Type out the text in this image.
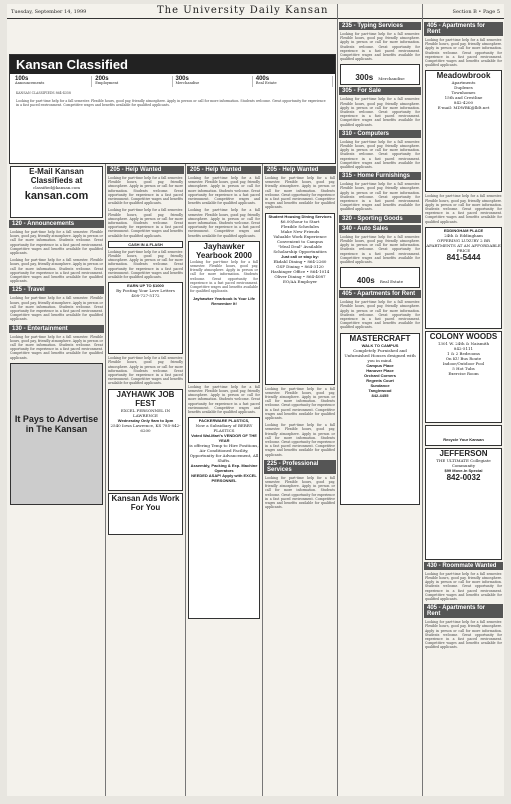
Tuesday, September 14, 1999	The University Daily Kansan	Section B • Page 5
Kansan Classified
100s
Announcements
200s
Employment
300s
Merchandise
400s
Real Estate
KANSAN CLASSIFIEDS 864-4358
Looking for part-time help for a fall semester. Flexible hours, good pay, friendly atmosphere. Apply in person or call for more information. Students welcome. Great opportunity for experience in a fast paced environment. Competitive wages and benefits available for qualified applicants.
E-Mail Kansan Classifieds at
classified@kansan.com
kansan.com
120 - Announcements
Looking for part-time help for a fall semester. Flexible hours, good pay, friendly atmosphere. Apply in person or call for more information. Students welcome. Great opportunity for experience in a fast paced environment. Competitive wages and benefits available for qualified applicants.
Looking for part-time help for a fall semester. Flexible hours, good pay, friendly atmosphere. Apply in person or call for more information. Students welcome. Great opportunity for experience in a fast paced environment. Competitive wages and benefits available for qualified applicants.
125 - Travel
Looking for part-time help for a fall semester. Flexible hours, good pay, friendly atmosphere. Apply in person or call for more information. Students welcome. Great opportunity for experience in a fast paced environment. Competitive wages and benefits available for qualified applicants.
130 - Entertainment
Looking for part-time help for a fall semester. Flexible hours, good pay, friendly atmosphere. Apply in person or call for more information. Students welcome. Great opportunity for experience in a fast paced environment. Competitive wages and benefits available for qualified applicants.
It Pays to Advertise in The Kansan
205 - Help Wanted
Looking for part-time help for a fall semester. Flexible hours, good pay, friendly atmosphere. Apply in person or call for more information. Students welcome. Great opportunity for experience in a fast paced environment. Competitive wages and benefits available for qualified applicants.
Looking for part-time help for a fall semester. Flexible hours, good pay, friendly atmosphere. Apply in person or call for more information. Students welcome. Great opportunity for experience in a fast paced environment. Competitive wages and benefits available for qualified applicants.
CASH IN A FLASH
Looking for part-time help for a fall semester. Flexible hours, good pay, friendly atmosphere. Apply in person or call for more information. Students welcome. Great opportunity for experience in a fast paced environment. Competitive wages and benefits available for qualified applicants.
EARN UP TO $1000
By Posting Your Love Letters
408-727-5172
Looking for part-time help for a fall semester. Flexible hours, good pay, friendly atmosphere. Apply in person or call for more information. Students welcome. Great opportunity for experience in a fast paced environment. Competitive wages and benefits available for qualified applicants.
JAYHAWK JOB FEST
EXCEL PERSONNEL IN LAWRENCE
Wednesday Only 9am to 3pm
2540 Iowa Lawrence, KS 785-842-6200
Kansan Ads Work For You
205 - Help Wanted
Looking for part-time help for a fall semester. Flexible hours, good pay, friendly atmosphere. Apply in person or call for more information. Students welcome. Great opportunity for experience in a fast paced environment. Competitive wages and benefits available for qualified applicants.
Looking for part-time help for a fall semester. Flexible hours, good pay, friendly atmosphere. Apply in person or call for more information. Students welcome. Great opportunity for experience in a fast paced environment. Competitive wages and benefits available for qualified applicants.
Jayhawker Yearbook 2000
Looking for part-time help for a fall semester. Flexible hours, good pay, friendly atmosphere. Apply in person or call for more information. Students welcome. Great opportunity for experience in a fast paced environment. Competitive wages and benefits available for qualified applicants.
Jayhawker Yearbook Is Your Life Remember It!
Looking for part-time help for a fall semester. Flexible hours, good pay, friendly atmosphere. Apply in person or call for more information. Students welcome. Great opportunity for experience in a fast paced environment. Competitive wages and benefits available for qualified applicants.
PACKERWARE PLASTICS,
Now a Subsidiary of BERRY PLASTICS
Voted Wal-Mart's VENDOR OF THE YEAR
is offering Temp to Hire Positions, Air Conditioned Facility, Opportunity for Advancement, All Shifts.
Assembly, Packing & Exp. Machine Operators
NEEDED ASAP! Apply with EXCEL PERSONNEL
205 - Help Wanted
Looking for part-time help for a fall semester. Flexible hours, good pay, friendly atmosphere. Apply in person or call for more information. Students welcome. Great opportunity for experience in a fast paced environment. Competitive wages and benefits available for qualified applicants.
Student Housing Dining Services
$6.00/hour to Start
Flexible Schedules
Make New Friends
Valuable Work Experience
Convenient to Campus
"Meal Deal" Available
Scholarship Opportunities
Just call or stop by:
Ekdahl Dining • 864-2260
GSP Dining • 864-3120
Hashinger Office • 864-1014
Oliver Dining • 864-4087
EO/AA Employer
Looking for part-time help for a fall semester. Flexible hours, good pay, friendly atmosphere. Apply in person or call for more information. Students welcome. Great opportunity for experience in a fast paced environment. Competitive wages and benefits available for qualified applicants.
Looking for part-time help for a fall semester. Flexible hours, good pay, friendly atmosphere. Apply in person or call for more information. Students welcome. Great opportunity for experience in a fast paced environment. Competitive wages and benefits available for qualified applicants.
225 - Professional Services
Looking for part-time help for a fall semester. Flexible hours, good pay, friendly atmosphere. Apply in person or call for more information. Students welcome. Great opportunity for experience in a fast paced environment. Competitive wages and benefits available for qualified applicants.
235 - Typing Services
Looking for part-time help for a fall semester. Flexible hours, good pay, friendly atmosphere. Apply in person or call for more information. Students welcome. Great opportunity for experience in a fast paced environment. Competitive wages and benefits available for qualified applicants.
300s Merchandise
305 - For Sale
Looking for part-time help for a fall semester. Flexible hours, good pay, friendly atmosphere. Apply in person or call for more information. Students welcome. Great opportunity for experience in a fast paced environment. Competitive wages and benefits available for qualified applicants.
310 - Computers
Looking for part-time help for a fall semester. Flexible hours, good pay, friendly atmosphere. Apply in person or call for more information. Students welcome. Great opportunity for experience in a fast paced environment. Competitive wages and benefits available for qualified applicants.
315 - Home Furnishings
Looking for part-time help for a fall semester. Flexible hours, good pay, friendly atmosphere. Apply in person or call for more information. Students welcome. Great opportunity for experience in a fast paced environment. Competitive wages and benefits available for qualified applicants.
320 - Sporting Goods
340 - Auto Sales
Looking for part-time help for a fall semester. Flexible hours, good pay, friendly atmosphere. Apply in person or call for more information. Students welcome. Great opportunity for experience in a fast paced environment. Competitive wages and benefits available for qualified applicants.
400s Real Estate
405 - Apartments for Rent
Looking for part-time help for a fall semester. Flexible hours, good pay, friendly atmosphere. Apply in person or call for more information. Students welcome. Great opportunity for experience in a fast paced environment. Competitive wages and benefits available for qualified applicants.
MASTERCRAFT
WALK TO CAMPUS
Completely Furnished and Unfurnished Houses designed with you in mind.
Campus Place
Hanover Place
Orchard Corners
Regents Court
Sundance
Tanglewood
842-4455
405 - Apartments for Rent
Looking for part-time help for a fall semester. Flexible hours, good pay, friendly atmosphere. Apply in person or call for more information. Students welcome. Great opportunity for experience in a fast paced environment. Competitive wages and benefits available for qualified applicants.
Meadowbrook
Apartments
Duplexes
Townhomes
15th and Crestline
842-4200
E-mail: MDWBK@lldt.net
Looking for part-time help for a fall semester. Flexible hours, good pay, friendly atmosphere. Apply in person or call for more information. Students welcome. Great opportunity for experience in a fast paced environment. Competitive wages and benefits available for qualified applicants.
EDDINGHAM PLACE
24th & Eddingham
OFFERING LUXURY 2 BR APARTMENTS AT AN AFFORDABLE PRICE
841-5444
COLONY WOODS
1301 W. 24th & Naismith
842-5111
1 & 2 Bedrooms
On KU Bus Route
Indoor/Outdoor Pool
5 Hot Tubs
Exercise Room
Recycle Your Kansan
JEFFERSON
THE ULTIMATE Collegiate Community
$99 Move-In Special
842-0032
430 - Roommate Wanted
Looking for part-time help for a fall semester. Flexible hours, good pay, friendly atmosphere. Apply in person or call for more information. Students welcome. Great opportunity for experience in a fast paced environment. Competitive wages and benefits available for qualified applicants.
405 - Apartments for Rent
Looking for part-time help for a fall semester. Flexible hours, good pay, friendly atmosphere. Apply in person or call for more information. Students welcome. Great opportunity for experience in a fast paced environment. Competitive wages and benefits available for qualified applicants.
